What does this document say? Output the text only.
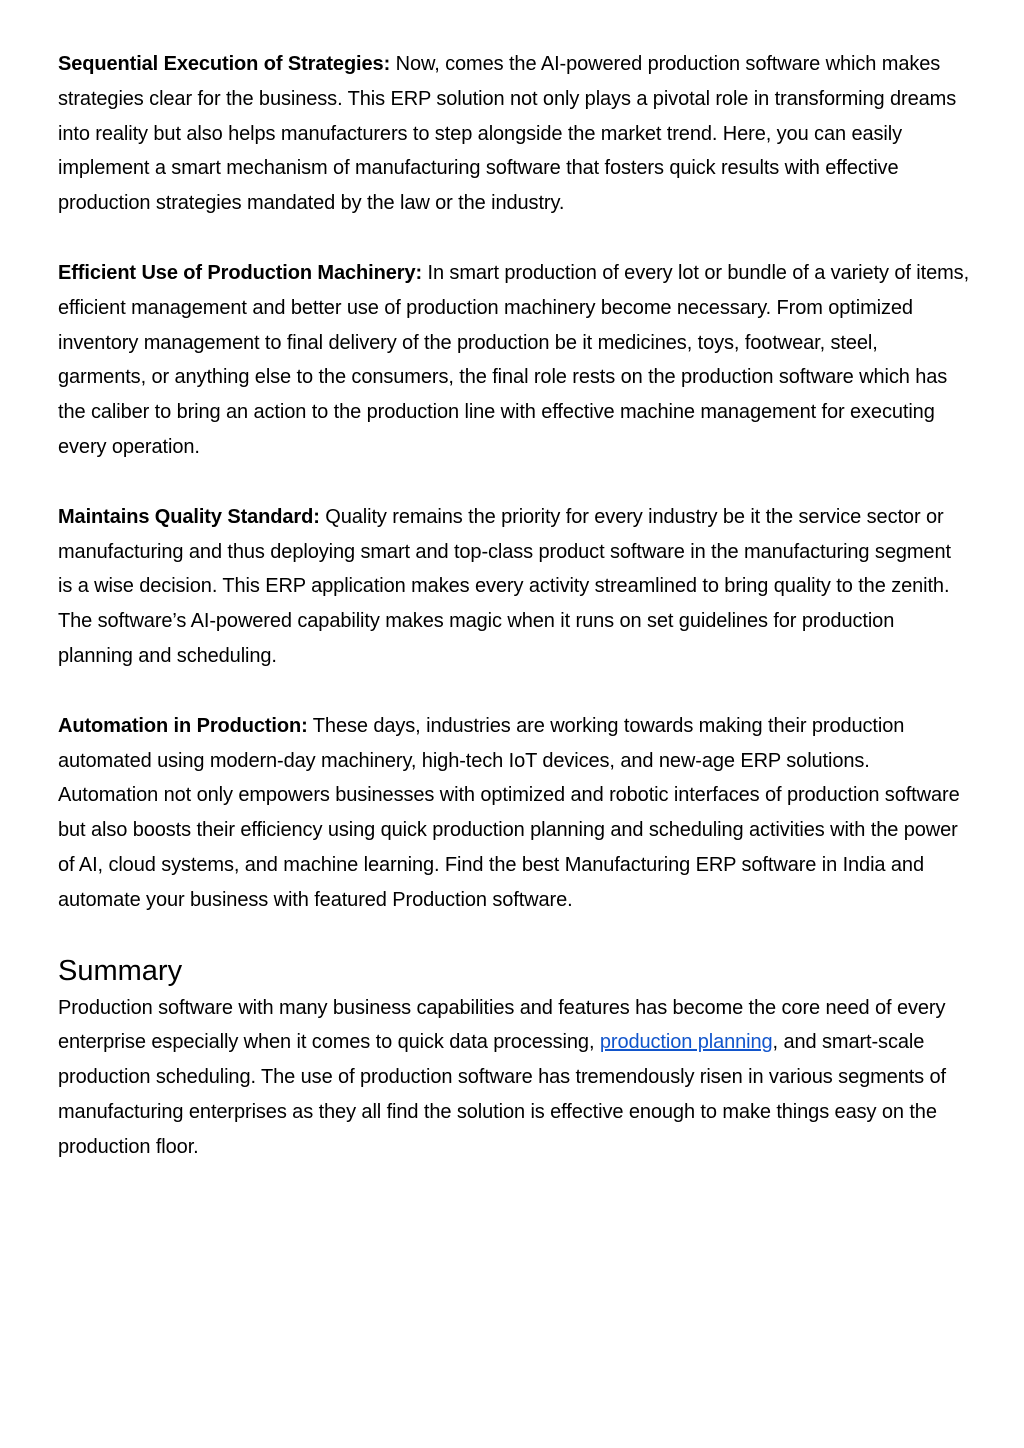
Sequential Execution of Strategies: Now, comes the AI-powered production software which makes strategies clear for the business. This ERP solution not only plays a pivotal role in transforming dreams into reality but also helps manufacturers to step alongside the market trend. Here, you can easily implement a smart mechanism of manufacturing software that fosters quick results with effective production strategies mandated by the law or the industry.

Efficient Use of Production Machinery: In smart production of every lot or bundle of a variety of items, efficient management and better use of production machinery become necessary. From optimized inventory management to final delivery of the production be it medicines, toys, footwear, steel, garments, or anything else to the consumers, the final role rests on the production software which has the caliber to bring an action to the production line with effective machine management for executing every operation.

Maintains Quality Standard: Quality remains the priority for every industry be it the service sector or manufacturing and thus deploying smart and top-class product software in the manufacturing segment is a wise decision. This ERP application makes every activity streamlined to bring quality to the zenith. The software’s AI-powered capability makes magic when it runs on set guidelines for production planning and scheduling.

Automation in Production: These days, industries are working towards making their production automated using modern-day machinery, high-tech IoT devices, and new-age ERP solutions. Automation not only empowers businesses with optimized and robotic interfaces of production software but also boosts their efficiency using quick production planning and scheduling activities with the power of AI, cloud systems, and machine learning. Find the best Manufacturing ERP software in India and automate your business with featured Production software.

Summary

Production software with many business capabilities and features has become the core need of every enterprise especially when it comes to quick data processing, production planning, and smart-scale production scheduling. The use of production software has tremendously risen in various segments of manufacturing enterprises as they all find the solution is effective enough to make things easy on the production floor.
